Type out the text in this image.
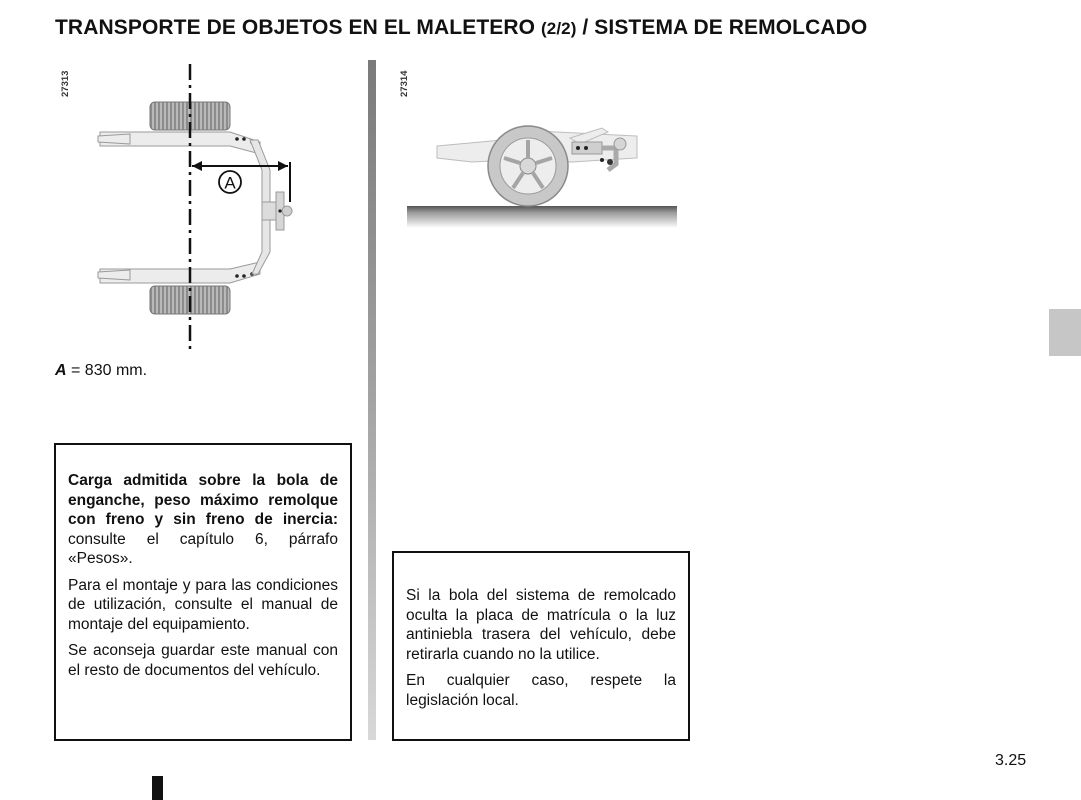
TRANSPORTE DE OBJETOS EN EL MALETERO (2/2) / SISTEMA DE REMOLCADO
27313	27314
A
A = 830 mm.

Carga admitida sobre la bola de enganche, peso máximo remolque con freno y sin freno de inercia: consulte el capítulo 6, párrafo «Pesos».

Para el montaje y para las condiciones de utilización, consulte el manual de montaje del equipamiento.

Se aconseja guardar este manual con el resto de documentos del vehículo.

Si la bola del sistema de remolcado oculta la placa de matrícula o la luz antiniebla trasera del vehículo, debe retirarla cuando no la utilice.

En cualquier caso, respete la legislación local.

3.25
